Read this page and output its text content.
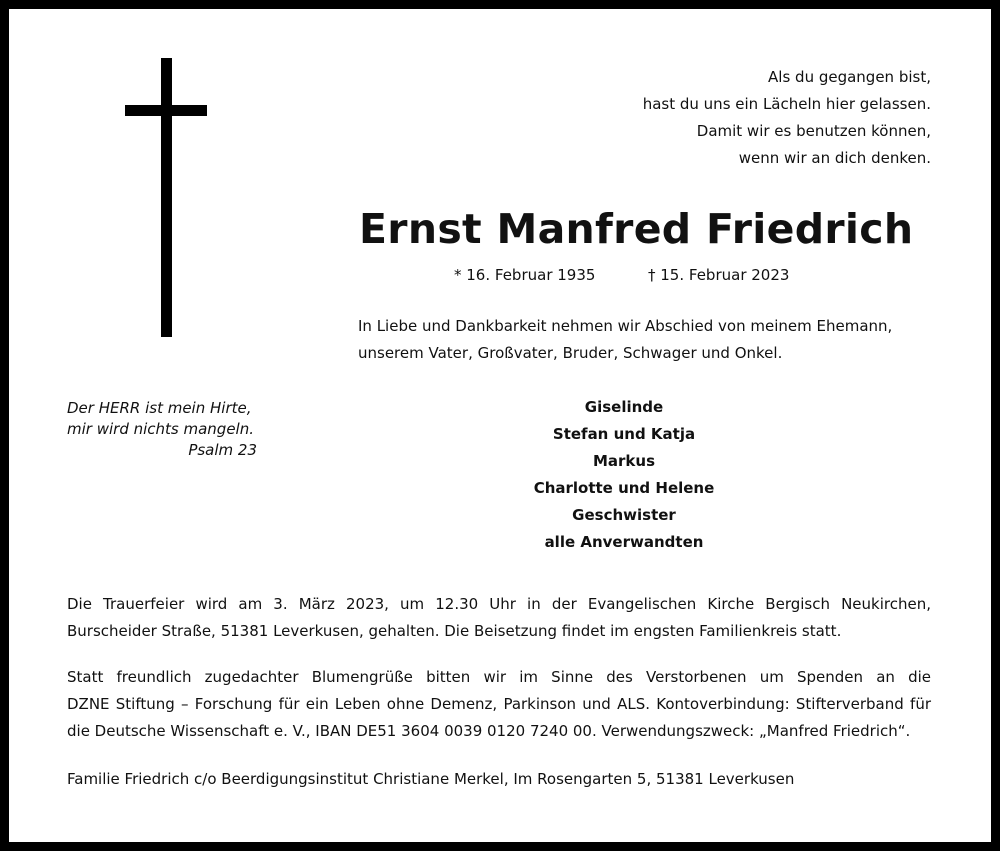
Als du gegangen bist,
hast du uns ein Lächeln hier gelassen.
Damit wir es benutzen können,
wenn wir an dich denken.
Ernst Manfred Friedrich
* 16. Februar 1935	† 15. Februar 2023
In Liebe und Dankbarkeit nehmen wir Abschied von meinem Ehemann,
unserem Vater, Großvater, Bruder, Schwager und Onkel.
Der HERR ist mein Hirte,
mir wird nichts mangeln.
Psalm 23
Giselinde
Stefan und Katja
Markus
Charlotte und Helene
Geschwister
alle Anverwandten
Die Trauerfeier wird am 3. März 2023, um 12.30 Uhr in der Evangelischen Kirche Bergisch Neukirchen,
Burscheider Straße, 51381 Leverkusen, gehalten. Die Beisetzung findet im engsten Familienkreis statt.
Statt freundlich zugedachter Blumengrüße bitten wir im Sinne des Verstorbenen um Spenden an die
DZNE Stiftung – Forschung für ein Leben ohne Demenz, Parkinson und ALS. Kontoverbindung: Stifterverband für
die Deutsche Wissenschaft e. V., IBAN DE51 3604 0039 0120 7240 00. Verwendungszweck: „Manfred Friedrich“.
Familie Friedrich c/o Beerdigungsinstitut Christiane Merkel, Im Rosengarten 5, 51381 Leverkusen
